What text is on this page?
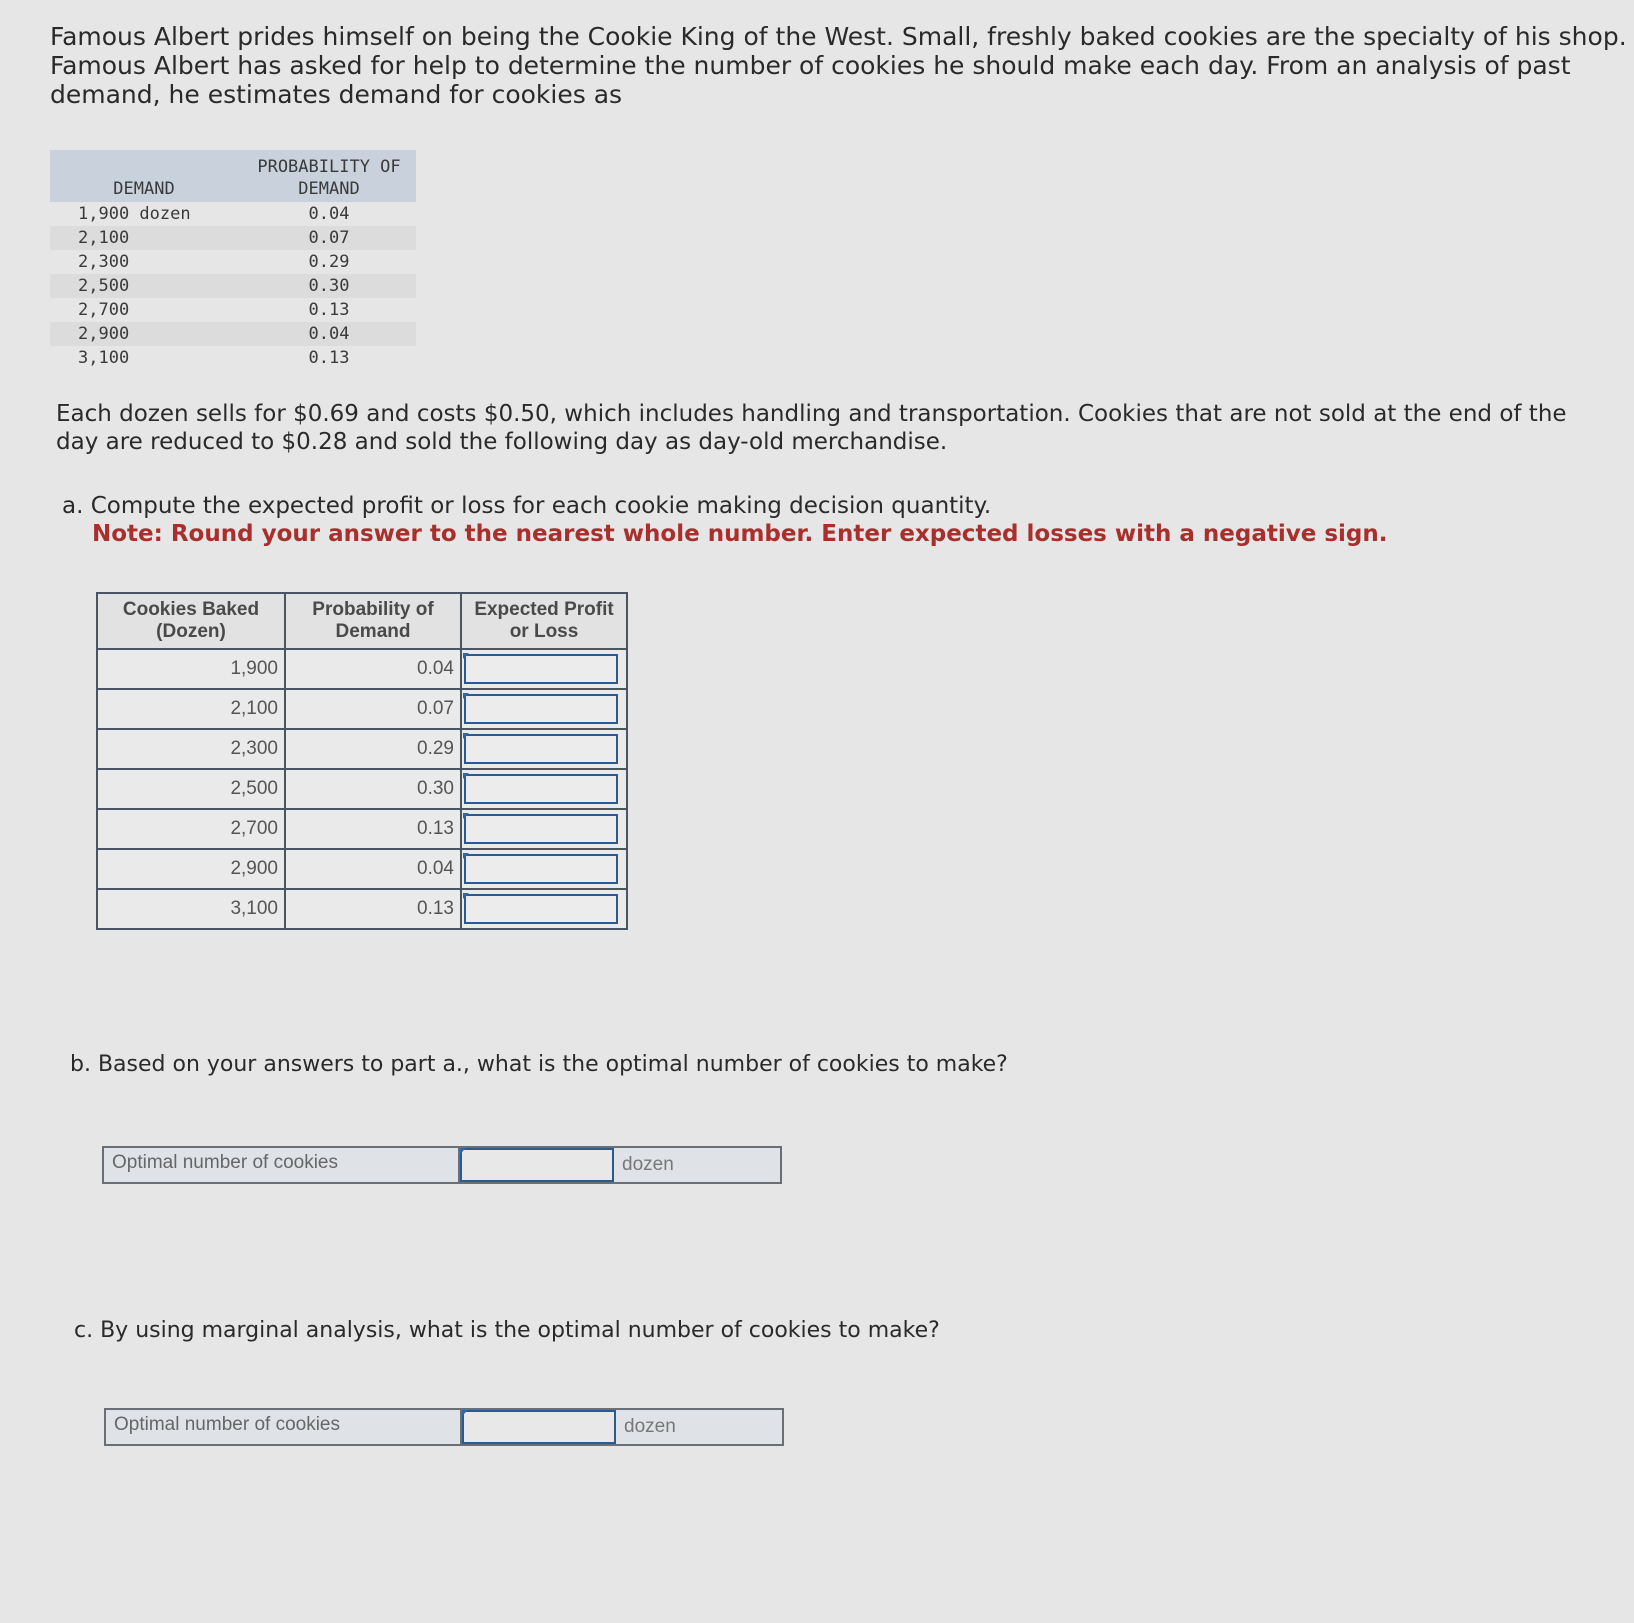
Famous Albert prides himself on being the Cookie King of the West. Small, freshly baked cookies are the specialty of his shop. Famous Albert has asked for help to determine the number of cookies he should make each day. From an analysis of past demand, he estimates demand for cookies as

DEMAND	PROBABILITY OF DEMAND
1,900 dozen	0.04
2,100	0.07
2,300	0.29
2,500	0.30
2,700	0.13
2,900	0.04
3,100	0.13

Each dozen sells for $0.69 and costs $0.50, which includes handling and transportation. Cookies that are not sold at the end of the day are reduced to $0.28 and sold the following day as day-old merchandise.

a. Compute the expected profit or loss for each cookie making decision quantity.

Note: Round your answer to the nearest whole number. Enter expected losses with a negative sign.

Cookies Baked (Dozen)	Probability of Demand	Expected Profit or Loss
1,900	0.04	

2,100	0.07	

2,300	0.29	

2,500	0.30	

2,700	0.13	

2,900	0.04	

3,100	0.13	

b. Based on your answers to part a., what is the optimal number of cookies to make?

Optimal number of cookies	dozen

c. By using marginal analysis, what is the optimal number of cookies to make?

Optimal number of cookies	dozen
